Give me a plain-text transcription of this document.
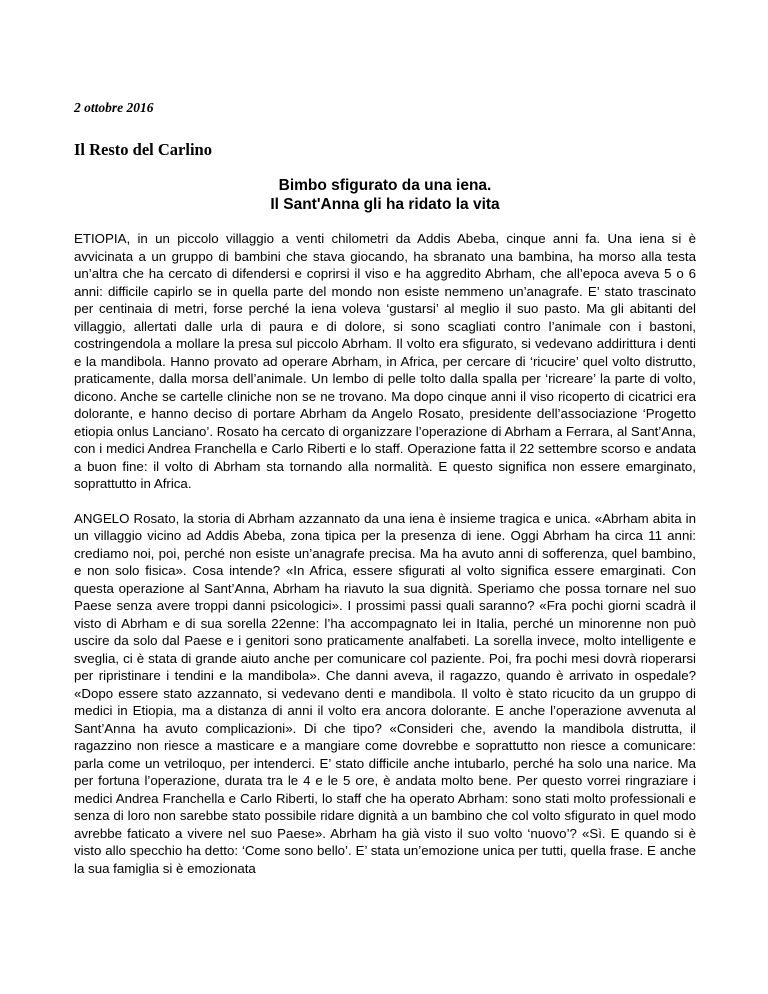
2 ottobre 2016

Il Resto del Carlino

Bimbo sfigurato da una iena.
Il Sant'Anna gli ha ridato la vita

ETIOPIA, in un piccolo villaggio a venti chilometri da Addis Abeba, cinque anni fa. Una iena si è avvicinata a un gruppo di bambini che stava giocando, ha sbranato una bambina, ha morso alla testa un’altra che ha cercato di difendersi e coprirsi il viso e ha aggredito Abrham, che all’epoca aveva 5 o 6 anni: difficile capirlo se in quella parte del mondo non esiste nemmeno un’anagrafe. E’ stato trascinato per centinaia di metri, forse perché la iena voleva ‘gustarsi’ al meglio il suo pasto. Ma gli abitanti del villaggio, allertati dalle urla di paura e di dolore, si sono scagliati contro l’animale con i bastoni, costringendola a mollare la presa sul piccolo Abrham. Il volto era sfigurato, si vedevano addirittura i denti e la mandibola. Hanno provato ad operare Abrham, in Africa, per cercare di ‘ricucire’ quel volto distrutto, praticamente, dalla morsa dell’animale. Un lembo di pelle tolto dalla spalla per ‘ricreare’ la parte di volto, dicono. Anche se cartelle cliniche non se ne trovano. Ma dopo cinque anni il viso ricoperto di cicatrici era dolorante, e hanno deciso di portare Abrham da Angelo Rosato, presidente dell’associazione ‘Progetto etiopia onlus Lanciano’. Rosato ha cercato di organizzare l’operazione di Abrham a Ferrara, al Sant’Anna, con i medici Andrea Franchella e Carlo Riberti e lo staff. Operazione fatta il 22 settembre scorso e andata a buon fine: il volto di Abrham sta tornando alla normalità. E questo significa non essere emarginato, soprattutto in Africa.

ANGELO Rosato, la storia di Abrham azzannato da una iena è insieme tragica e unica. «Abrham abita in un villaggio vicino ad Addis Abeba, zona tipica per la presenza di iene. Oggi Abrham ha circa 11 anni: crediamo noi, poi, perché non esiste un’anagrafe precisa. Ma ha avuto anni di sofferenza, quel bambino, e non solo fisica». Cosa intende? «In Africa, essere sfigurati al volto significa essere emarginati. Con questa operazione al Sant’Anna, Abrham ha riavuto la sua dignità. Speriamo che possa tornare nel suo Paese senza avere troppi danni psicologici». I prossimi passi quali saranno? «Fra pochi giorni scadrà il visto di Abrham e di sua sorella 22enne: l’ha accompagnato lei in Italia, perché un minorenne non può uscire da solo dal Paese e i genitori sono praticamente analfabeti. La sorella invece, molto intelligente e sveglia, ci è stata di grande aiuto anche per comunicare col paziente. Poi, fra pochi mesi dovrà rioperarsi per ripristinare i tendini e la mandibola». Che danni aveva, il ragazzo, quando è arrivato in ospedale? «Dopo essere stato azzannato, si vedevano denti e mandibola. Il volto è stato ricucito da un gruppo di medici in Etiopia, ma a distanza di anni il volto era ancora dolorante. E anche l’operazione avvenuta al Sant’Anna ha avuto complicazioni». Di che tipo? «Consideri che, avendo la mandibola distrutta, il ragazzino non riesce a masticare e a mangiare come dovrebbe e soprattutto non riesce a comunicare: parla come un vetriloquo, per intenderci. E’ stato difficile anche intubarlo, perché ha solo una narice. Ma per fortuna l’operazione, durata tra le 4 e le 5 ore, è andata molto bene. Per questo vorrei ringraziare i medici Andrea Franchella e Carlo Riberti, lo staff che ha operato Abrham: sono stati molto professionali e senza di loro non sarebbe stato possibile ridare dignità a un bambino che col volto sfigurato in quel modo avrebbe faticato a vivere nel suo Paese». Abrham ha già visto il suo volto ‘nuovo’? «Sì. E quando si è visto allo specchio ha detto: ‘Come sono bello’. E’ stata un’emozione unica per tutti, quella frase. E anche la sua famiglia si è emozionata
